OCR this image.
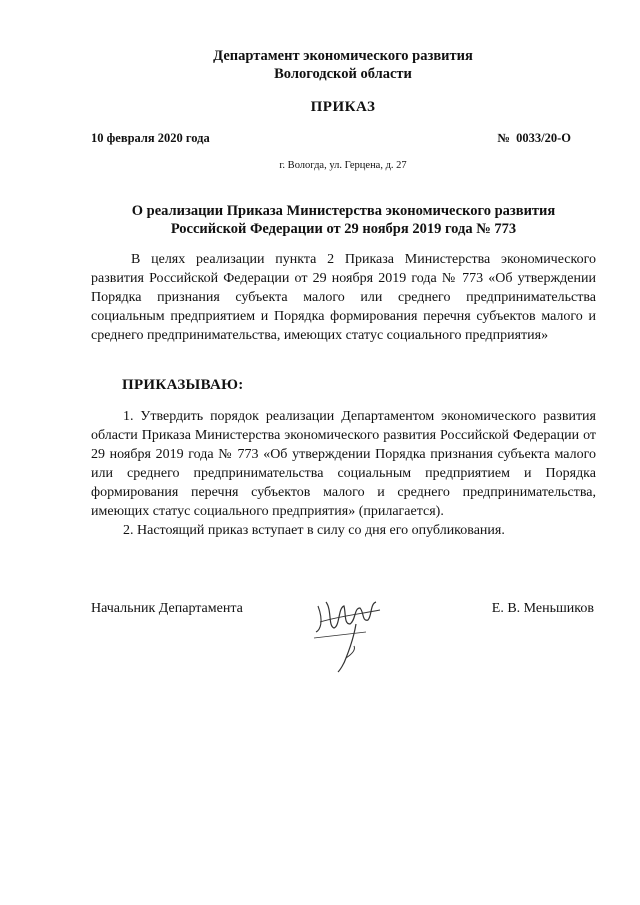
Департамент экономического развития
Вологодской области
ПРИКАЗ
10 февраля 2020 года	№  0033/20-О
г. Вологда, ул. Герцена, д. 27
О реализации Приказа Министерства экономического развития
Российской Федерации от 29 ноября 2019 года № 773
В целях реализации пункта 2 Приказа Министерства экономического развития Российской Федерации от 29 ноября 2019 года № 773 «Об утверждении Порядка признания субъекта малого или среднего предпринимательства социальным предприятием и Порядка формирования перечня субъектов малого и среднего предпринимательства, имеющих статус социального предприятия»
ПРИКАЗЫВАЮ:

1. Утвердить порядок реализации Департаментом экономического развития области Приказа Министерства экономического развития Российской Федерации от 29 ноября 2019 года № 773 «Об утверждении Порядка признания субъекта малого или среднего предпринимательства социальным предприятием и Порядка формирования перечня субъектов малого и среднего предпринимательства, имеющих статус социального предприятия» (прилагается).

2. Настоящий приказ вступает в силу со дня его опубликования.

Начальник Департамента	Е. В. Меньшиков
